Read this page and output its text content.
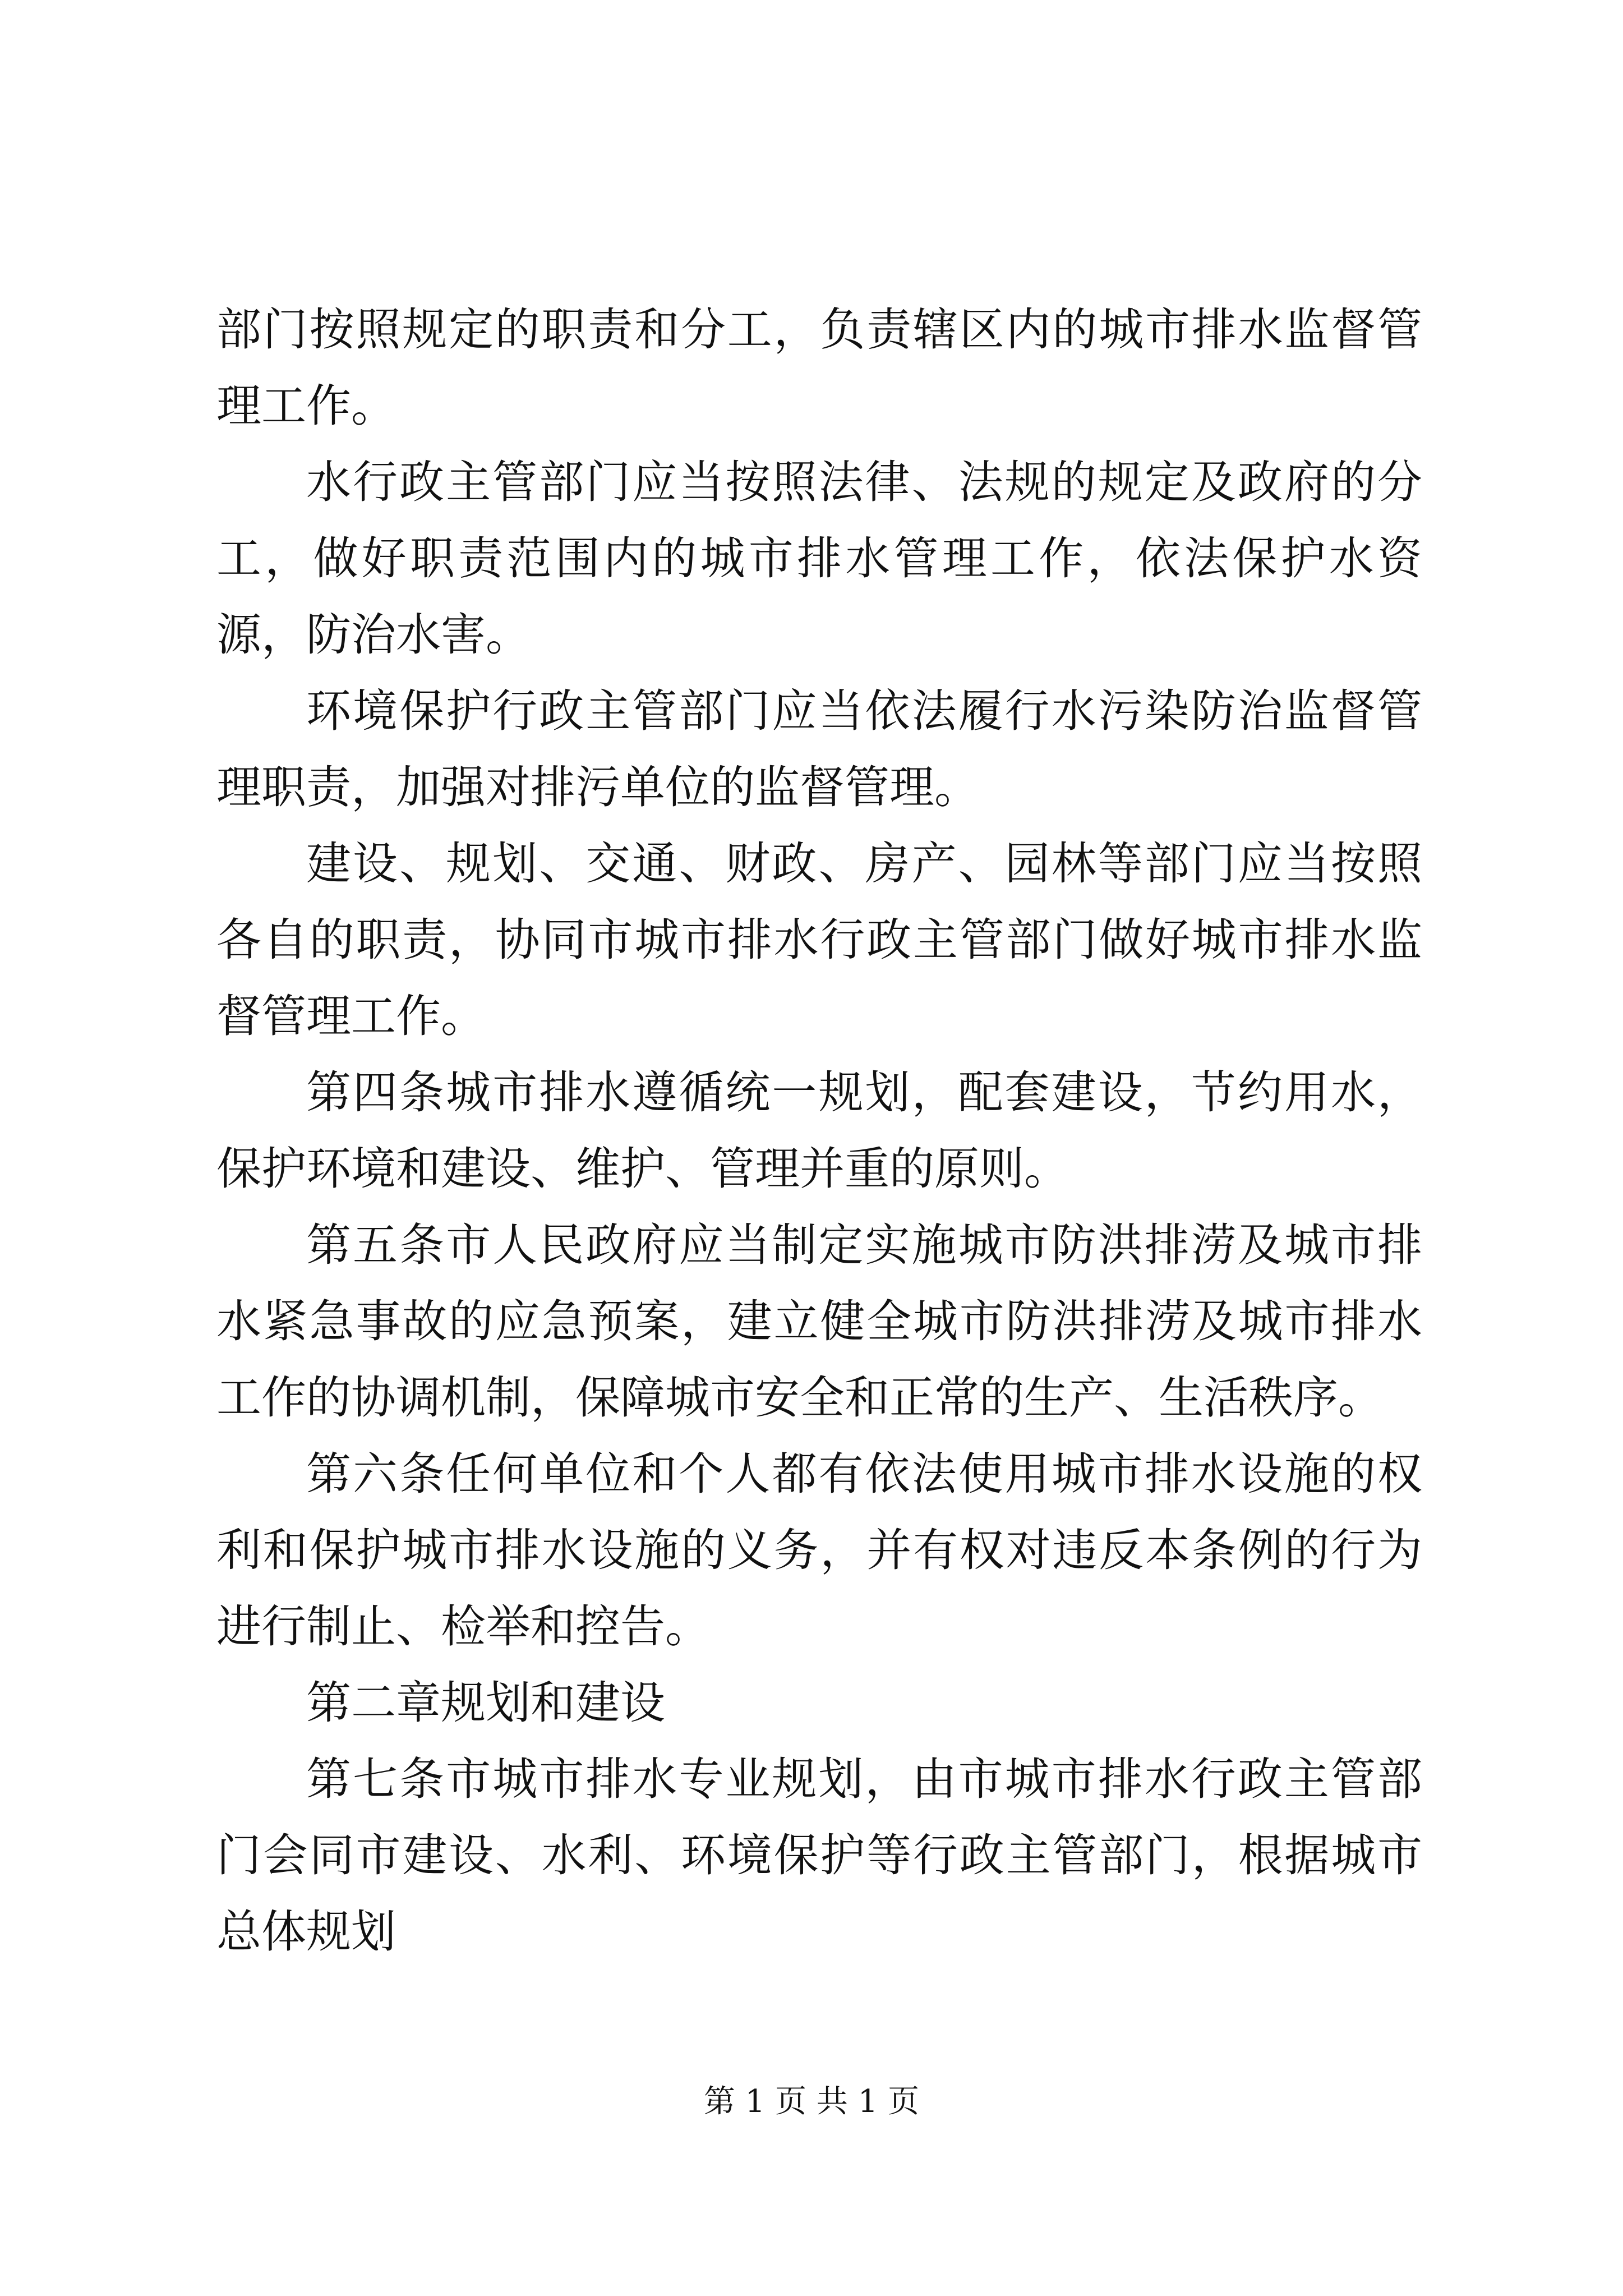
部门按照规定的职责和分工，负责辖区内的城市排水监督管理工作。

水行政主管部门应当按照法律、法规的规定及政府的分工，做好职责范围内的城市排水管理工作，依法保护水资源，防治水害。

环境保护行政主管部门应当依法履行水污染防治监督管理职责，加强对排污单位的监督管理。

建设、规划、交通、财政、房产、园林等部门应当按照各自的职责，协同市城市排水行政主管部门做好城市排水监督管理工作。

第四条城市排水遵循统一规划，配套建设，节约用水，保护环境和建设、维护、管理并重的原则。

第五条市人民政府应当制定实施城市防洪排涝及城市排水紧急事故的应急预案，建立健全城市防洪排涝及城市排水工作的协调机制，保障城市安全和正常的生产、生活秩序。

第六条任何单位和个人都有依法使用城市排水设施的权利和保护城市排水设施的义务，并有权对违反本条例的行为进行制止、检举和控告。

第二章规划和建设

第七条市城市排水专业规划，由市城市排水行政主管部门会同市建设、水利、环境保护等行政主管部门，根据城市总体规划

第 1 页 共 1 页
